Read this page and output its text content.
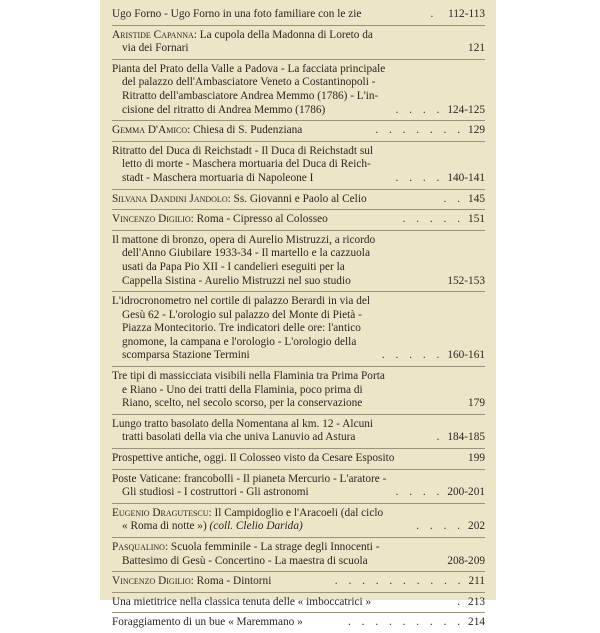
Ugo Forno - Ugo Forno in una foto familiare con le zie	. 112-113
Aristide Capanna: La cupola della Madonna di Loreto da
via dei Fornari	121
Pianta del Prato della Valle a Padova - La facciata principale
del palazzo dell'Ambasciatore Veneto a Costantinopoli -
Ritratto dell'ambasciatore Andrea Memmo (1786) - L'in-
cisione del ritratto di Andrea Memmo (1786)	. . . . 124-125
Gemma D'Amico: Chiesa di S. Pudenziana	. . . . . . . 129
Ritratto del Duca di Reichstadt - Il Duca di Reichstadt sul
letto di morte - Maschera mortuaria del Duca di Reich-
stadt - Maschera mortuaria di Napoleone I	. . . . 140-141
Silvana Dandini Jandolo: Ss. Giovanni e Paolo al Celio	. . 145
Vincenzo Digilio: Roma - Cipresso al Colosseo	. . . . . 151
Il mattone di bronzo, opera di Aurelio Mistruzzi, a ricordo
dell'Anno Giubilare 1933-34 - Il martello e la cazzuola
usati da Papa Pio XII - I candelieri eseguiti per la
Cappella Sistina - Aurelio Mistruzzi nel suo studio	152-153
L'idrocronometro nel cortile di palazzo Berardi in via del
Gesù 62 - L'orologio sul palazzo del Monte di Pietà -
Piazza Montecitorio. Tre indicatori delle ore: l'antico
gnomone, la campana e l'orologio - L'orologio della
scomparsa Stazione Termini	. . . . . 160-161
Tre tipi di massicciata visibili nella Flaminia tra Prima Porta
e Riano - Uno dei tratti della Flaminia, poco prima di
Riano, scelto, nel secolo scorso, per la conservazione	179
Lungo tratto basolato della Nomentana al km. 12 - Alcuni
tratti basolati della via che univa Lanuvio ad Astura	. 184-185
Prospettive antiche, oggi. Il Colosseo visto da Cesare Esposito	199
Poste Vaticane: francobolli - Il pianeta Mercurio - L'aratore -
Gli studiosi - I costruttori - Gli astronomi	. . . . 200-201
Eugenio Dragutescu: Il Campidoglio e l'Aracoeli (dal ciclo
« Roma di notte ») (coll. Clelio Darida)	. . . . 202
Pasqualino: Scuola femminile - La strage degli Innocenti -
Battesimo di Gesù - Concertino - La maestra di scuola	208-209
Vincenzo Digilio: Roma - Dintorni	. . . . . . . . . . 211
Una mietitrice nella classica tenuta delle « imboccatrici »	. 213
Foraggiamento di un bue « Maremmano »	. . . . . . . . . 214
